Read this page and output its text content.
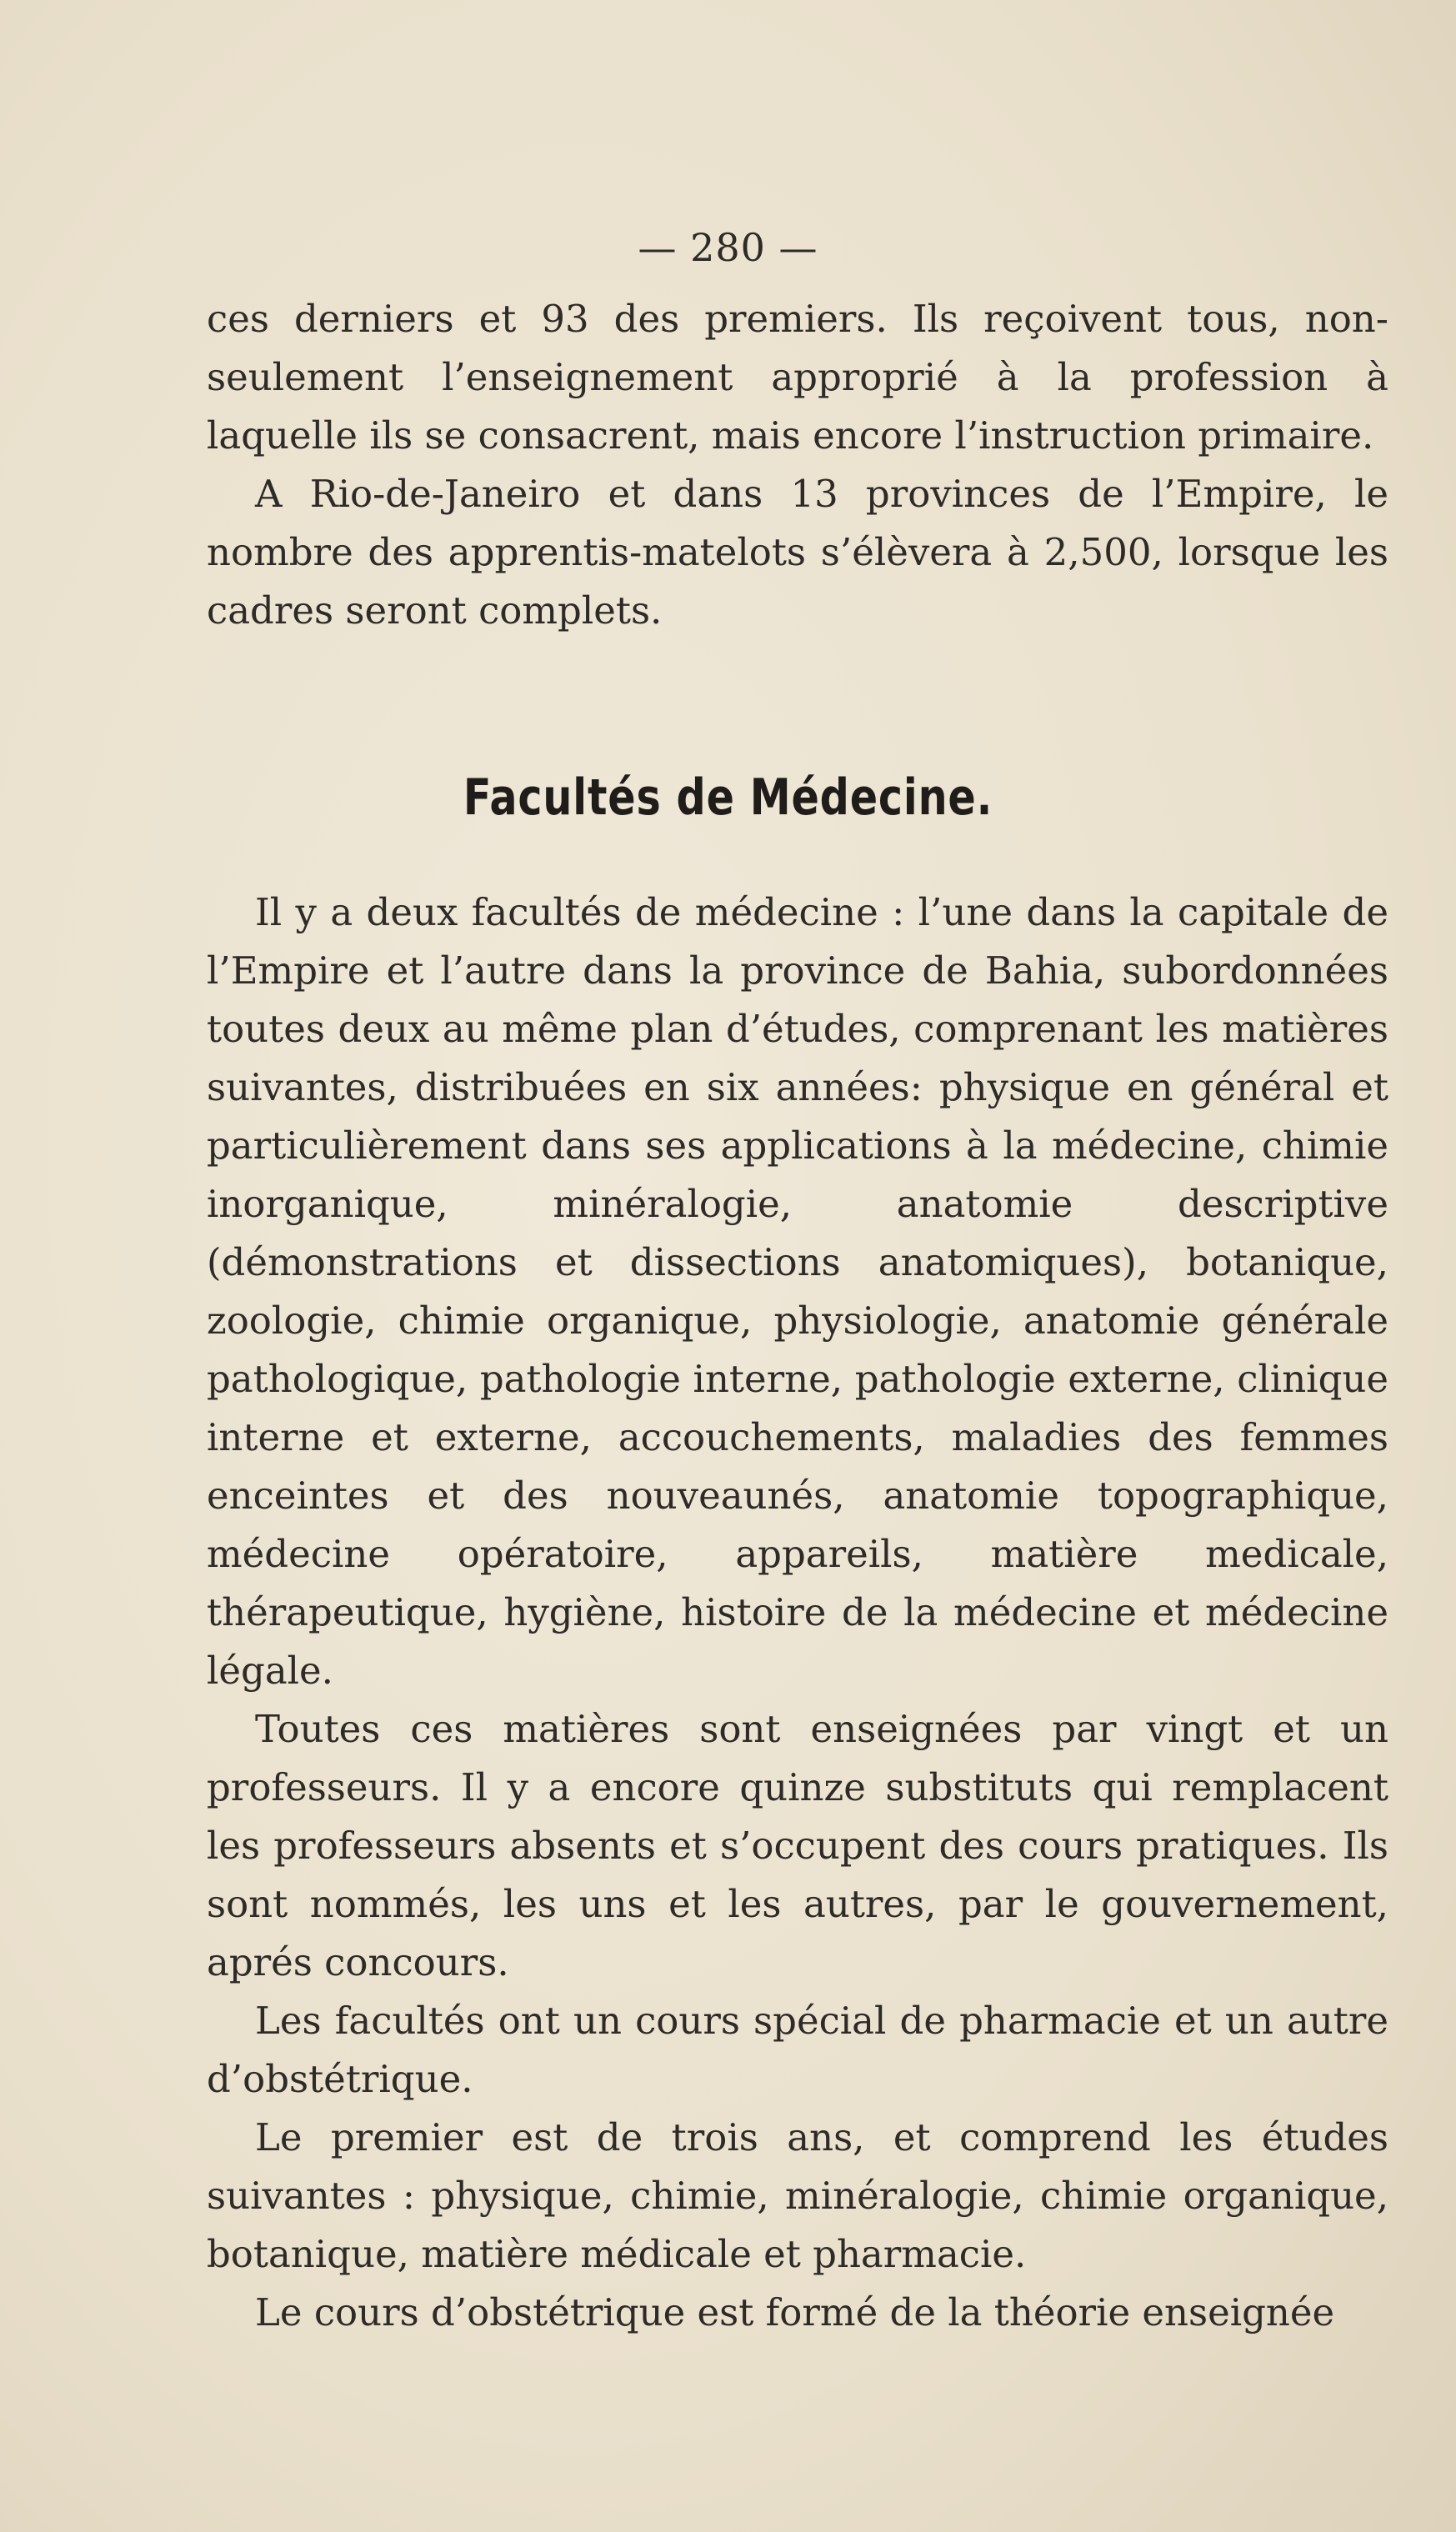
— 280 —

ces derniers et 93 des premiers. Ils reçoivent tous, non-seulement l’enseignement approprié à la profession à laquelle ils se consacrent, mais encore l’instruction primaire.

A Rio-de-Janeiro et dans 13 provinces de l’Empire, le nombre des apprentis-matelots s’élèvera à 2,500, lorsque les cadres seront complets.

Facultés de Médecine.

Il y a deux facultés de médecine : l’une dans la capitale de l’Empire et l’autre dans la province de Bahia, subordonnées toutes deux au même plan d’études, comprenant les matières suivantes, distribuées en six années: physique en général et particulièrement dans ses applications à la médecine, chimie inorganique, minéralogie, anatomie descriptive (démonstrations et dissections anatomiques), botanique, zoologie, chimie organique, physiologie, anatomie générale pathologique, pathologie interne, pathologie externe, clinique interne et externe, accouchements, maladies des femmes enceintes et des nouveaunés, anatomie topographique, médecine opératoire, appareils, matière medicale, thérapeutique, hygiène, histoire de la médecine et médecine légale.

Toutes ces matières sont enseignées par vingt et un professeurs. Il y a encore quinze substituts qui remplacent les professeurs absents et s’occupent des cours pratiques. Ils sont nommés, les uns et les autres, par le gouvernement, aprés concours.

Les facultés ont un cours spécial de pharmacie et un autre d’obstétrique.

Le premier est de trois ans, et comprend les études suivantes : physique, chimie, minéralogie, chimie organique, botanique, matière médicale et pharmacie.

Le cours d’obstétrique est formé de la théorie enseignée
